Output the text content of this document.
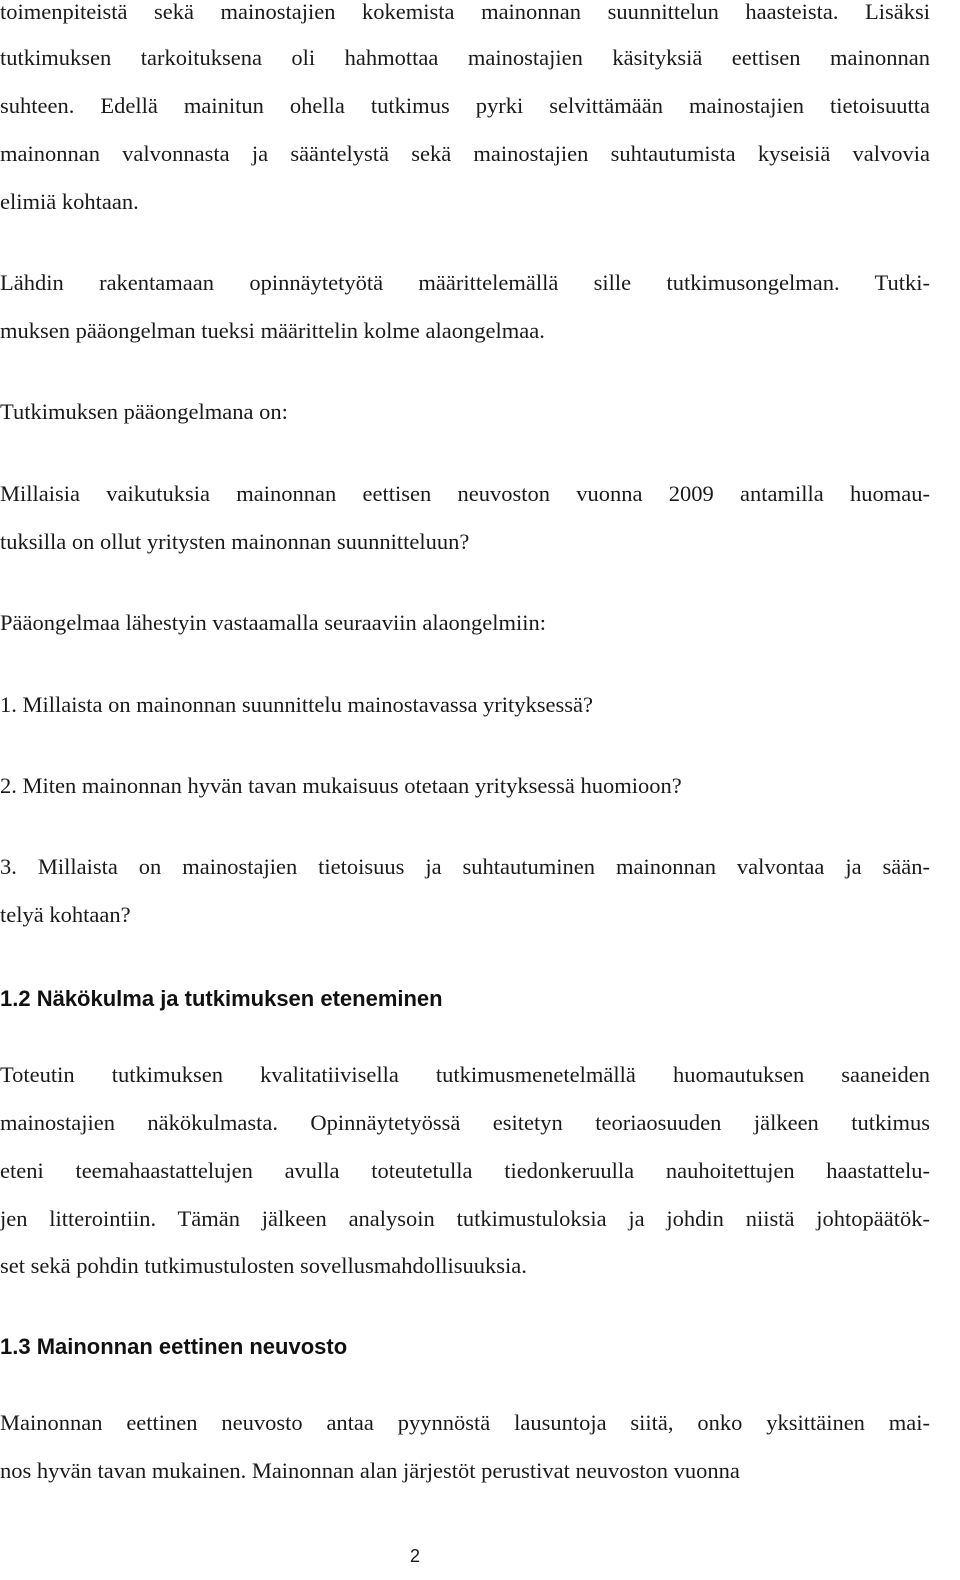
toimenpiteistä sekä mainostajien kokemista mainonnan suunnittelun haasteista. Lisäksi
tutkimuksen tarkoituksena oli hahmottaa mainostajien käsityksiä eettisen mainonnan
suhteen. Edellä mainitun ohella tutkimus pyrki selvittämään mainostajien tietoisuutta
mainonnan valvonnasta ja sääntelystä sekä mainostajien suhtautumista kyseisiä valvovia
elimiä kohtaan.
Lähdin rakentamaan opinnäytetyötä määrittelemällä sille tutkimusongelman. Tutki-
muksen pääongelman tueksi määrittelin kolme alaongelmaa.
Tutkimuksen pääongelmana on:
Millaisia vaikutuksia mainonnan eettisen neuvoston vuonna 2009 antamilla huomau-
tuksilla on ollut yritysten mainonnan suunnitteluun?
Pääongelmaa lähestyin vastaamalla seuraaviin alaongelmiin:
1. Millaista on mainonnan suunnittelu mainostavassa yrityksessä?
2. Miten mainonnan hyvän tavan mukaisuus otetaan yrityksessä huomioon?
3. Millaista on mainostajien tietoisuus ja suhtautuminen mainonnan valvontaa ja sään-
telyä kohtaan?
1.2 Näkökulma ja tutkimuksen eteneminen
Toteutin tutkimuksen kvalitatiivisella tutkimusmenetelmällä huomautuksen saaneiden
mainostajien näkökulmasta. Opinnäytetyössä esitetyn teoriaosuuden jälkeen tutkimus
eteni teemahaastattelujen avulla toteutetulla tiedonkeruulla nauhoitettujen haastattelu-
jen litterointiin. Tämän jälkeen analysoin tutkimustuloksia ja johdin niistä johtopäätök-
set sekä pohdin tutkimustulosten sovellusmahdollisuuksia.
1.3 Mainonnan eettinen neuvosto
Mainonnan eettinen neuvosto antaa pyynnöstä lausuntoja siitä, onko yksittäinen mai-
nos hyvän tavan mukainen. Mainonnan alan järjestöt perustivat neuvoston vuonna
2
